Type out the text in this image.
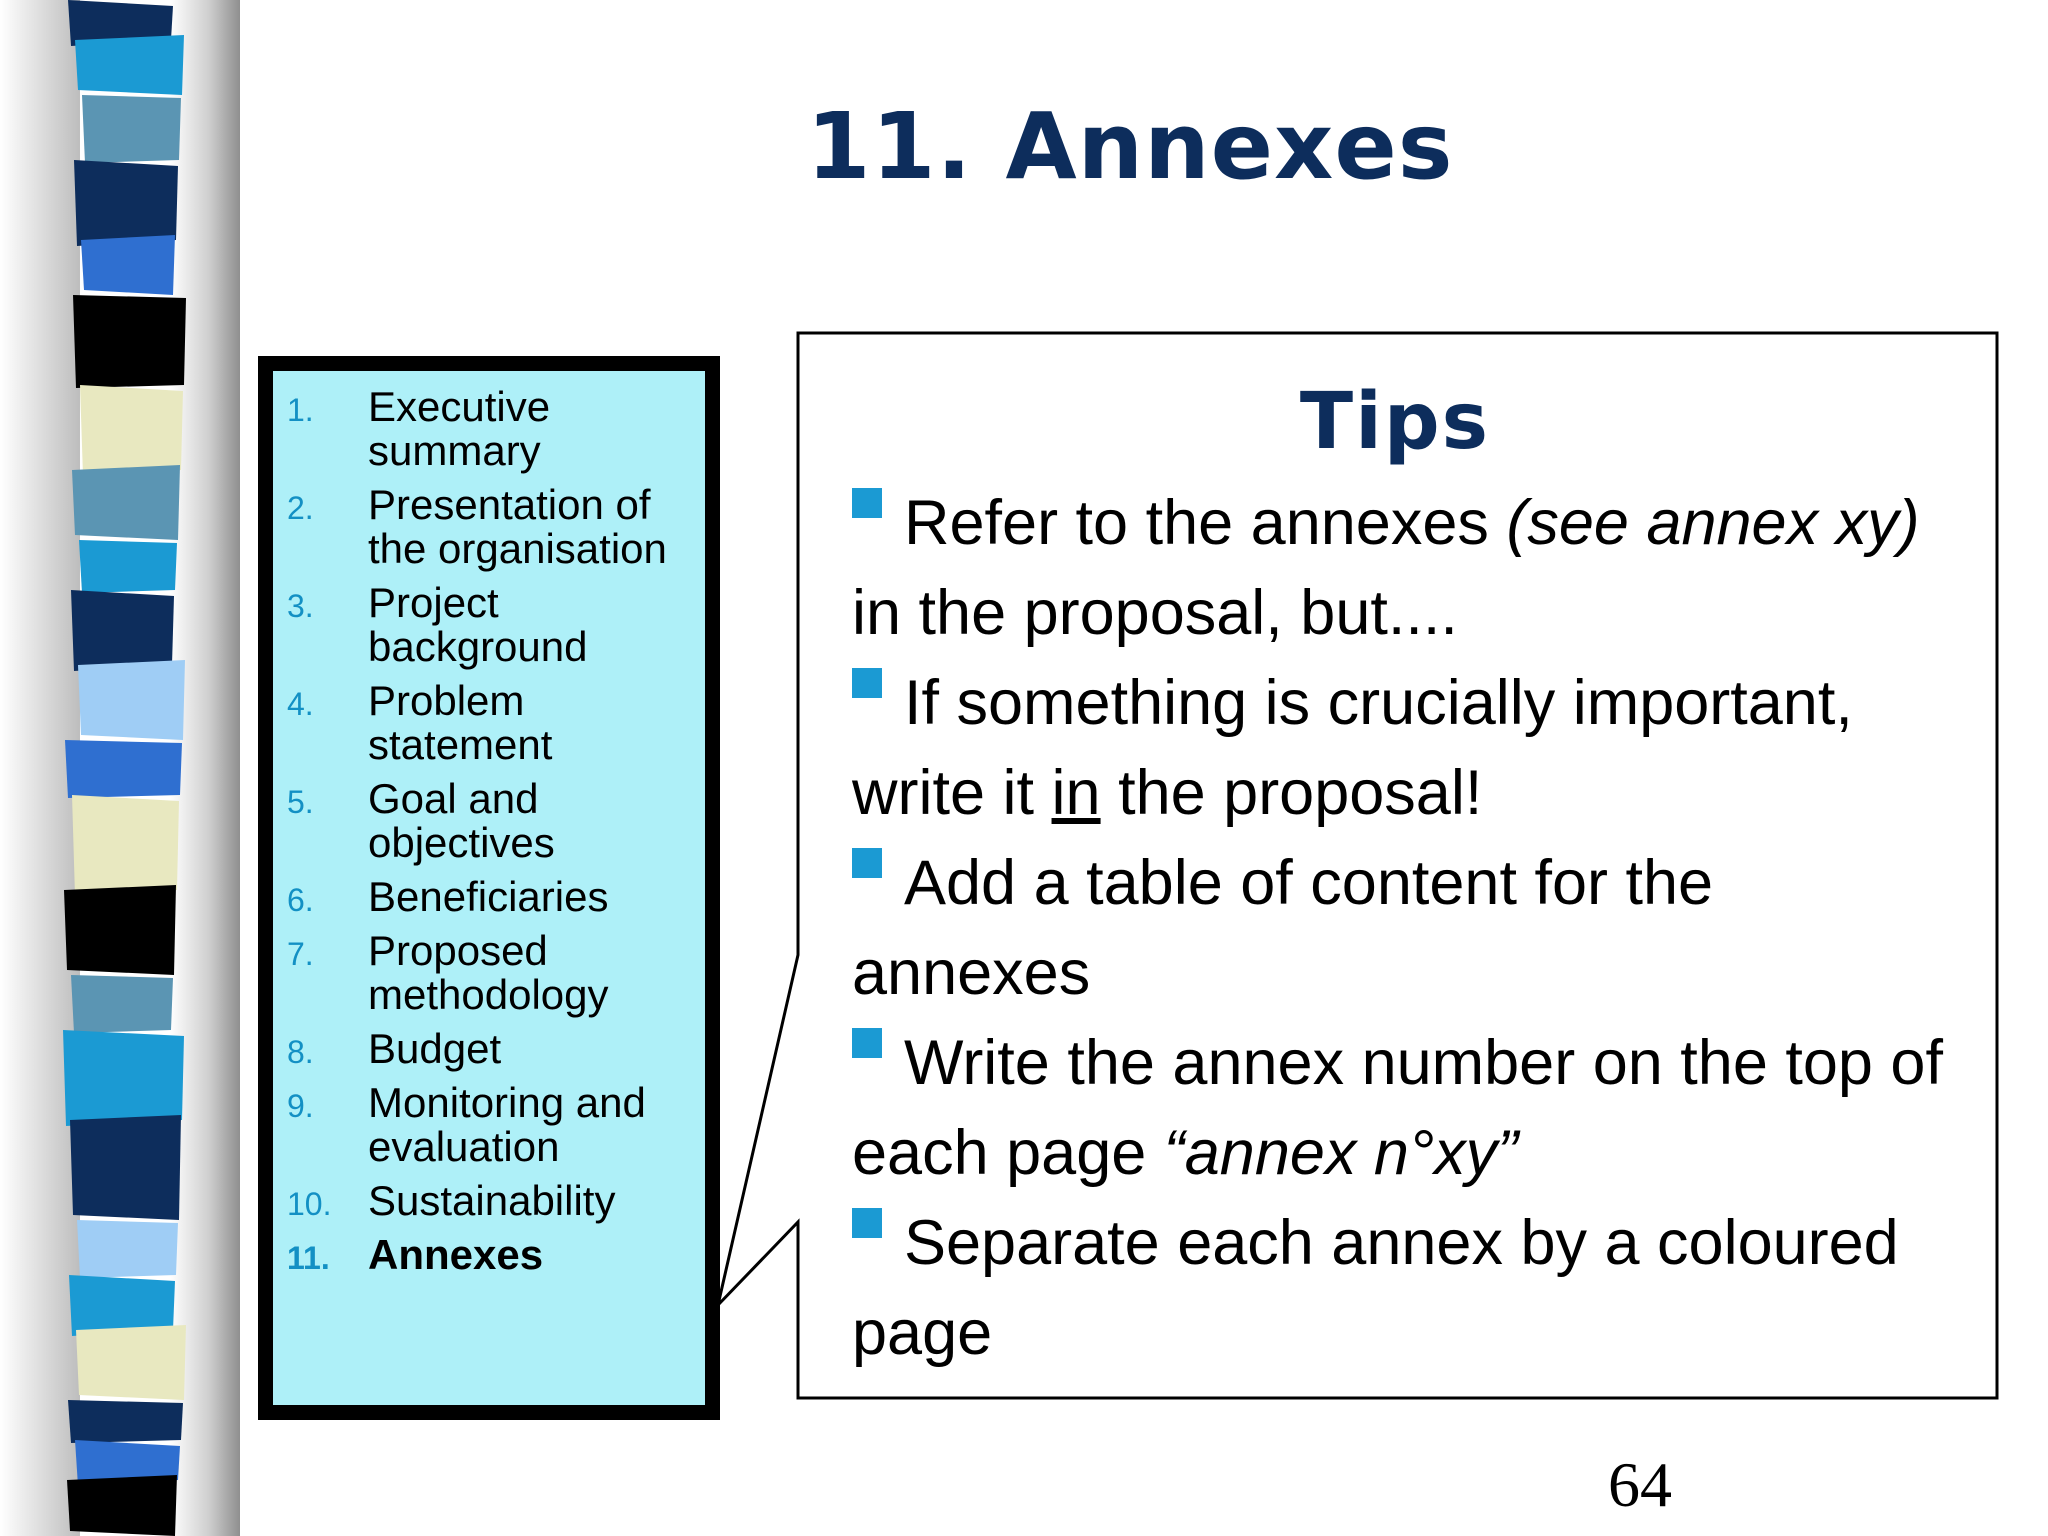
11. Annexes
1. Executive summary
2. Presentation of the organisation
3. Project background
4. Problem statement
5. Goal and objectives
6. Beneficiaries
7. Proposed methodology
8. Budget
9. Monitoring and evaluation
10. Sustainability
11. Annexes
Tips
Refer to the annexes (see annex xy) in the proposal, but....
If something is crucially important, write it in the proposal!
Add a table of content for the annexes
Write the annex number on the top of each page “annex n°xy”
Separate each annex by a coloured page
64
